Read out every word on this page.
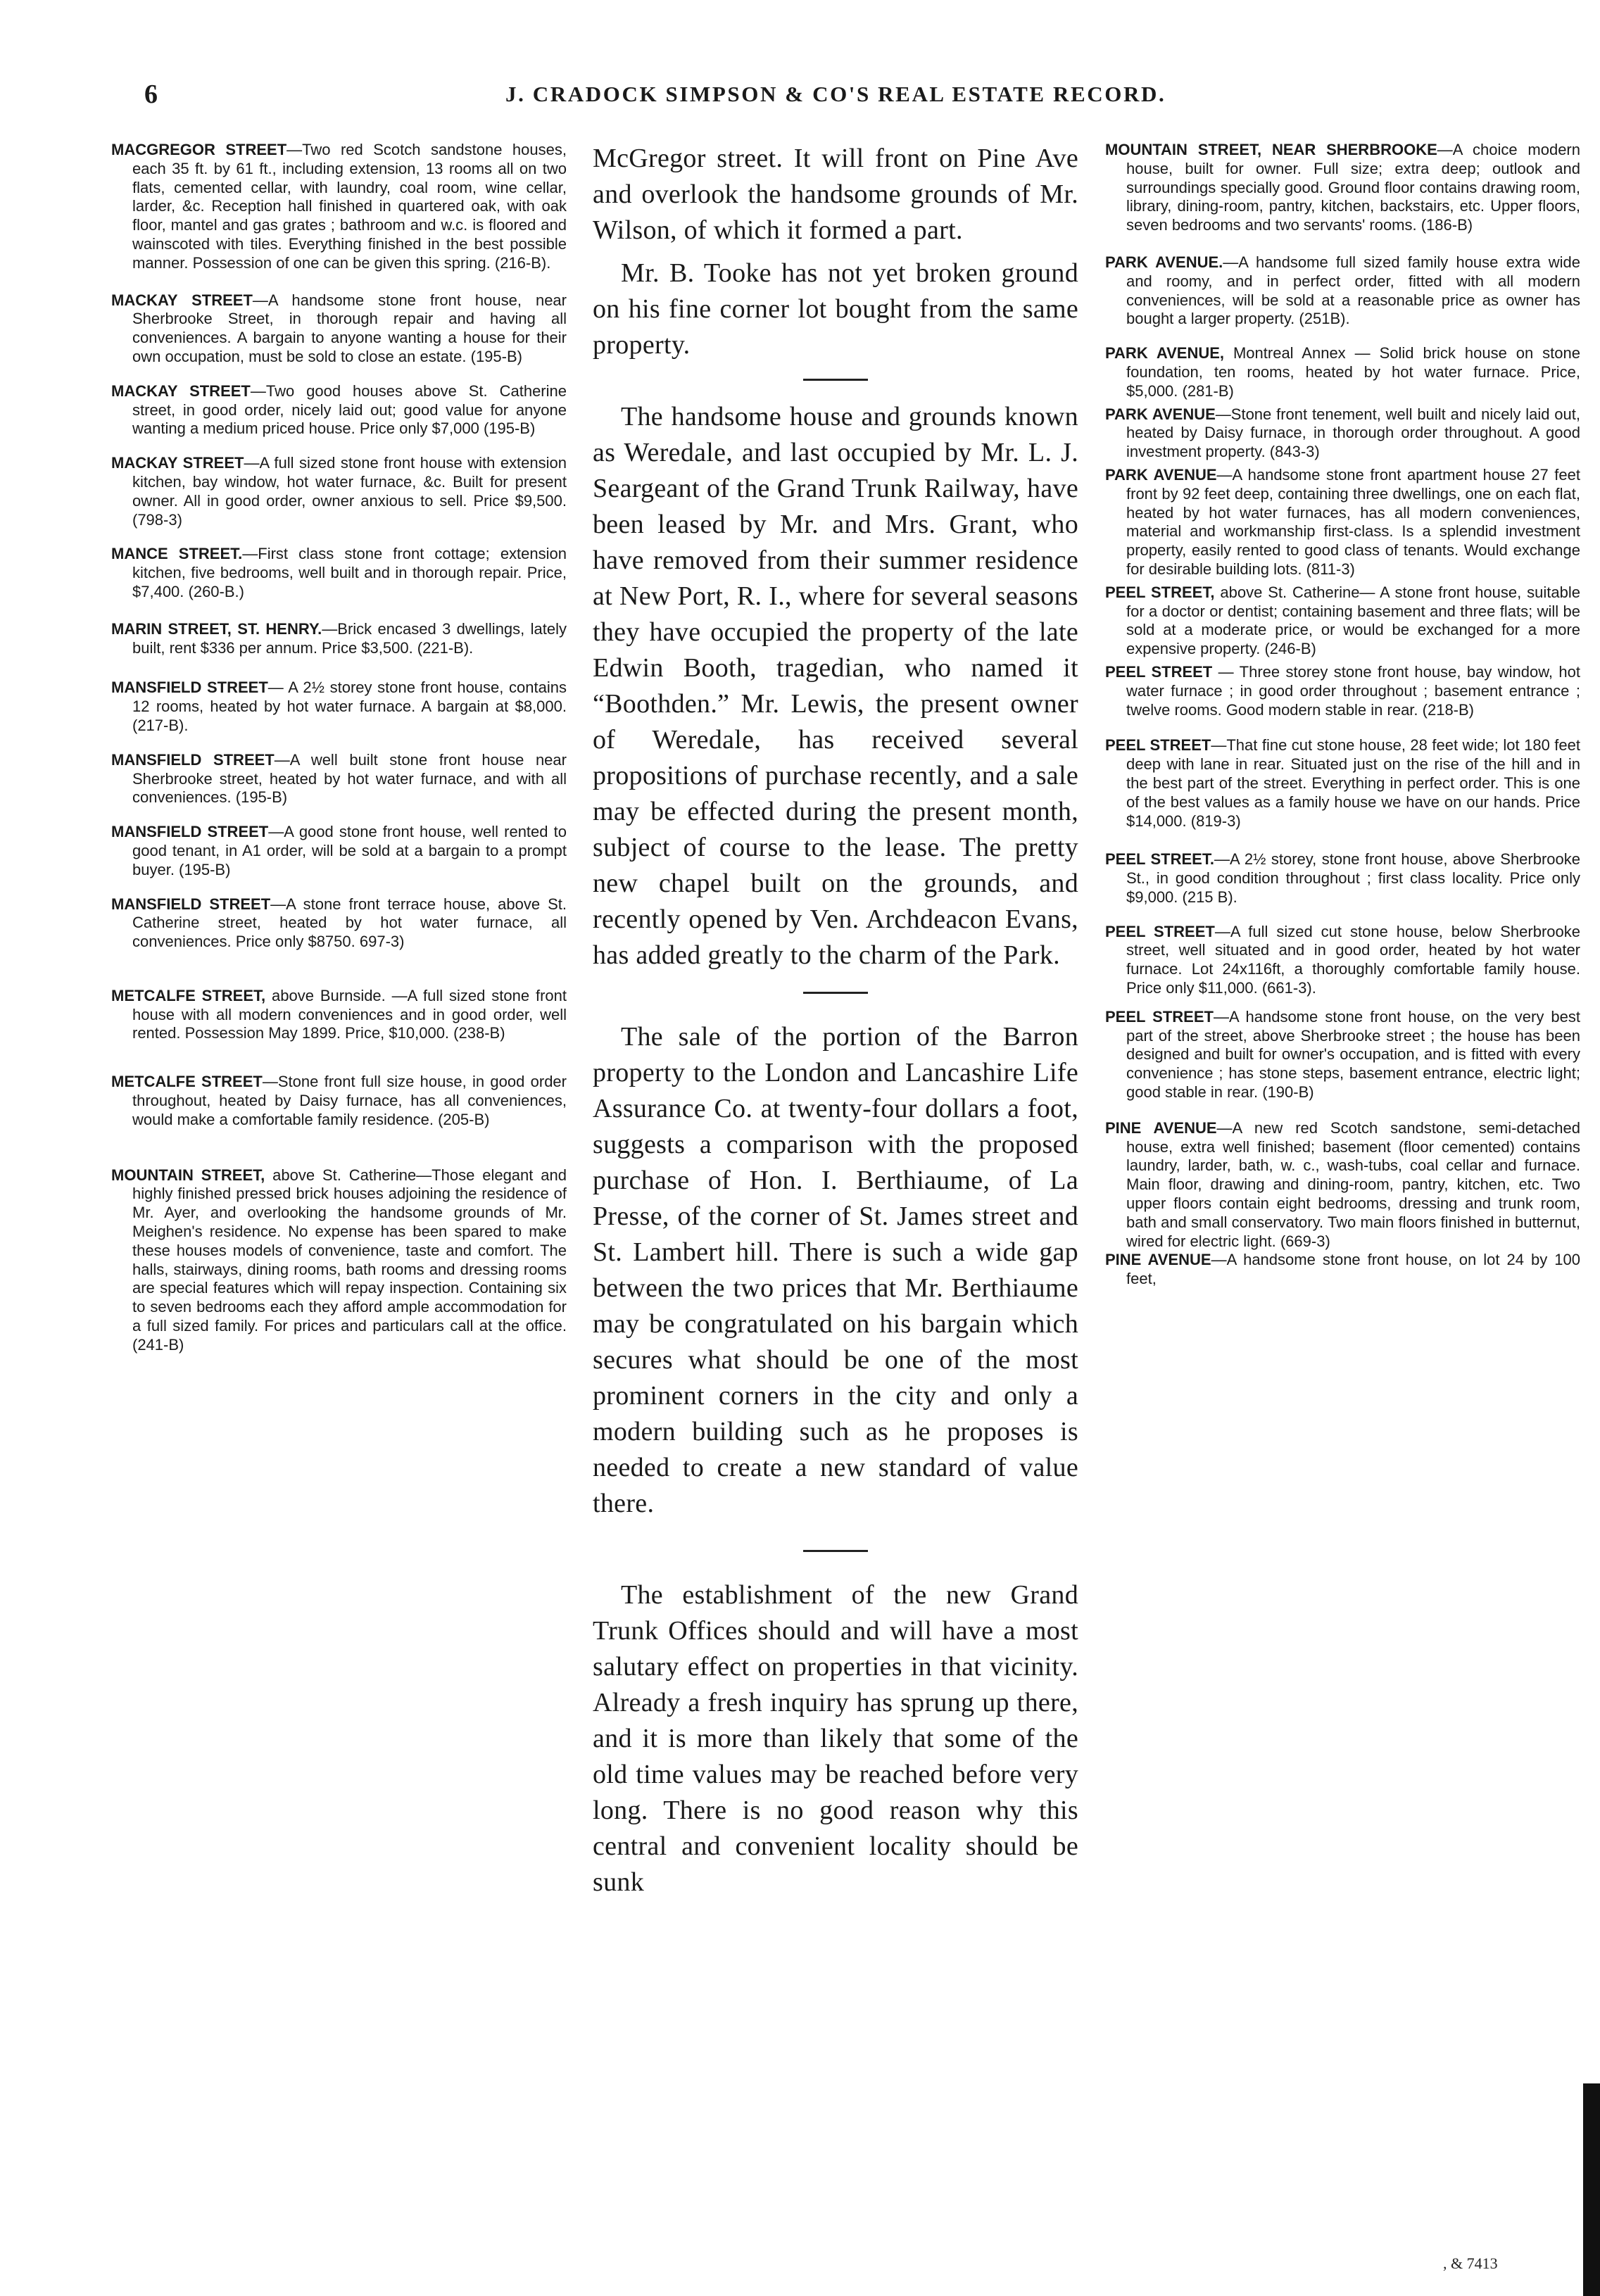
6	J. CRADOCK SIMPSON & CO'S REAL ESTATE RECORD.

MACGREGOR STREET—Two red Scotch sandstone houses, each 35 ft. by 61 ft., including extension, 13 rooms all on two flats, cemented cellar, with laundry, coal room, wine cellar, larder, &c. Reception hall finished in quartered oak, with oak floor, mantel and gas grates ; bathroom and w.c. is floored and wainscoted with tiles. Everything finished in the best possible manner. Possession of one can be given this spring. (216-B).

MACKAY STREET—A handsome stone front house, near Sherbrooke Street, in thorough repair and having all conveniences. A bargain to anyone wanting a house for their own occupation, must be sold to close an estate. (195-B)

MACKAY STREET—Two good houses above St. Catherine street, in good order, nicely laid out; good value for anyone wanting a medium priced house. Price only $7,000 (195-B)

MACKAY STREET—A full sized stone front house with extension kitchen, bay window, hot water furnace, &c. Built for present owner. All in good order, owner anxious to sell. Price $9,500. (798-3)

MANCE STREET.—First class stone front cottage; extension kitchen, five bedrooms, well built and in thorough repair. Price, $7,400. (260-B.)

MARIN STREET, ST. HENRY.—Brick encased 3 dwellings, lately built, rent $336 per annum. Price $3,500. (221-B).

MANSFIELD STREET— A 2½ storey stone front house, contains 12 rooms, heated by hot water furnace. A bargain at $8,000. (217-B).

MANSFIELD STREET—A well built stone front house near Sherbrooke street, heated by hot water furnace, and with all conveniences. (195-B)

MANSFIELD STREET—A good stone front house, well rented to good tenant, in A1 order, will be sold at a bargain to a prompt buyer. (195-B)

MANSFIELD STREET—A stone front terrace house, above St. Catherine street, heated by hot water furnace, all conveniences. Price only $8750. 697-3)

METCALFE STREET, above Burnside. —A full sized stone front house with all modern conveniences and in good order, well rented. Possession May 1899. Price, $10,000. (238-B)

METCALFE STREET—Stone front full size house, in good order throughout, heated by Daisy furnace, has all conveniences, would make a comfortable family residence. (205-B)

MOUNTAIN STREET, above St. Catherine—Those elegant and highly finished pressed brick houses adjoining the residence of Mr. Ayer, and overlooking the handsome grounds of Mr. Meighen's residence. No expense has been spared to make these houses models of convenience, taste and comfort. The halls, stairways, dining rooms, bath rooms and dressing rooms are special features which will repay inspection. Containing six to seven bedrooms each they afford ample accommodation for a full sized family. For prices and particulars call at the office. (241-B)

McGregor street. It will front on Pine Ave and overlook the handsome grounds of Mr. Wilson, of which it formed a part.

Mr. B. Tooke has not yet broken ground on his fine corner lot bought from the same property.

The handsome house and grounds known as Weredale, and last occupied by Mr. L. J. Seargeant of the Grand Trunk Railway, have been leased by Mr. and Mrs. Grant, who have removed from their summer residence at New Port, R. I., where for several seasons they have occupied the property of the late Edwin Booth, tragedian, who named it “Boothden.” Mr. Lewis, the present owner of Weredale, has received several propositions of purchase recently, and a sale may be effected during the present month, subject of course to the lease. The pretty new chapel built on the grounds, and recently opened by Ven. Archdeacon Evans, has added greatly to the charm of the Park.

The sale of the portion of the Barron property to the London and Lancashire Life Assurance Co. at twenty-four dollars a foot, suggests a comparison with the proposed purchase of Hon. I. Berthiaume, of La Presse, of the corner of St. James street and St. Lambert hill. There is such a wide gap between the two prices that Mr. Berthiaume may be congratulated on his bargain which secures what should be one of the most prominent corners in the city and only a modern building such as he proposes is needed to create a new standard of value there.

The establishment of the new Grand Trunk Offices should and will have a most salutary effect on properties in that vicinity. Already a fresh inquiry has sprung up there, and it is more than likely that some of the old time values may be reached before very long. There is no good reason why this central and convenient locality should be sunk

MOUNTAIN STREET, NEAR SHERBROOKE—A choice modern house, built for owner. Full size; extra deep; outlook and surroundings specially good. Ground floor contains drawing room, library, dining-room, pantry, kitchen, backstairs, etc. Upper floors, seven bedrooms and two servants' rooms. (186-B)

PARK AVENUE.—A handsome full sized family house extra wide and roomy, and in perfect order, fitted with all modern conveniences, will be sold at a reasonable price as owner has bought a larger property. (251B).

PARK AVENUE, Montreal Annex — Solid brick house on stone foundation, ten rooms, heated by hot water furnace. Price, $5,000. (281-B)

PARK AVENUE—Stone front tenement, well built and nicely laid out, heated by Daisy furnace, in thorough order throughout. A good investment property. (843-3)

PARK AVENUE—A handsome stone front apartment house 27 feet front by 92 feet deep, containing three dwellings, one on each flat, heated by hot water furnaces, has all modern conveniences, material and workmanship first-class. Is a splendid investment property, easily rented to good class of tenants. Would exchange for desirable building lots. (811-3)

PEEL STREET, above St. Catherine— A stone front house, suitable for a doctor or dentist; containing basement and three flats; will be sold at a moderate price, or would be exchanged for a more expensive property. (246-B)

PEEL STREET — Three storey stone front house, bay window, hot water furnace ; in good order throughout ; basement entrance ; twelve rooms. Good modern stable in rear. (218-B)

PEEL STREET—That fine cut stone house, 28 feet wide; lot 180 feet deep with lane in rear. Situated just on the rise of the hill and in the best part of the street. Everything in perfect order. This is one of the best values as a family house we have on our hands. Price $14,000. (819-3)

PEEL STREET.—A 2½ storey, stone front house, above Sherbrooke St., in good condition throughout ; first class locality. Price only $9,000. (215 B).

PEEL STREET—A full sized cut stone house, below Sherbrooke street, well situated and in good order, heated by hot water furnace. Lot 24x116ft, a thoroughly comfortable family house. Price only $11,000. (661-3).

PEEL STREET—A handsome stone front house, on the very best part of the street, above Sherbrooke street ; the house has been designed and built for owner's occupation, and is fitted with every convenience ; has stone steps, basement entrance, electric light; good stable in rear. (190-B)

PINE AVENUE—A new red Scotch sandstone, semi-detached house, extra well finished; basement (floor cemented) contains laundry, larder, bath, w. c., wash-tubs, coal cellar and furnace. Main floor, drawing and dining-room, pantry, kitchen, etc. Two upper floors contain eight bedrooms, dressing and trunk room, bath and small conservatory. Two main floors finished in butternut, wired for electric light. (669-3)

PINE AVENUE—A handsome stone front house, on lot 24 by 100 feet,

, & 7413
